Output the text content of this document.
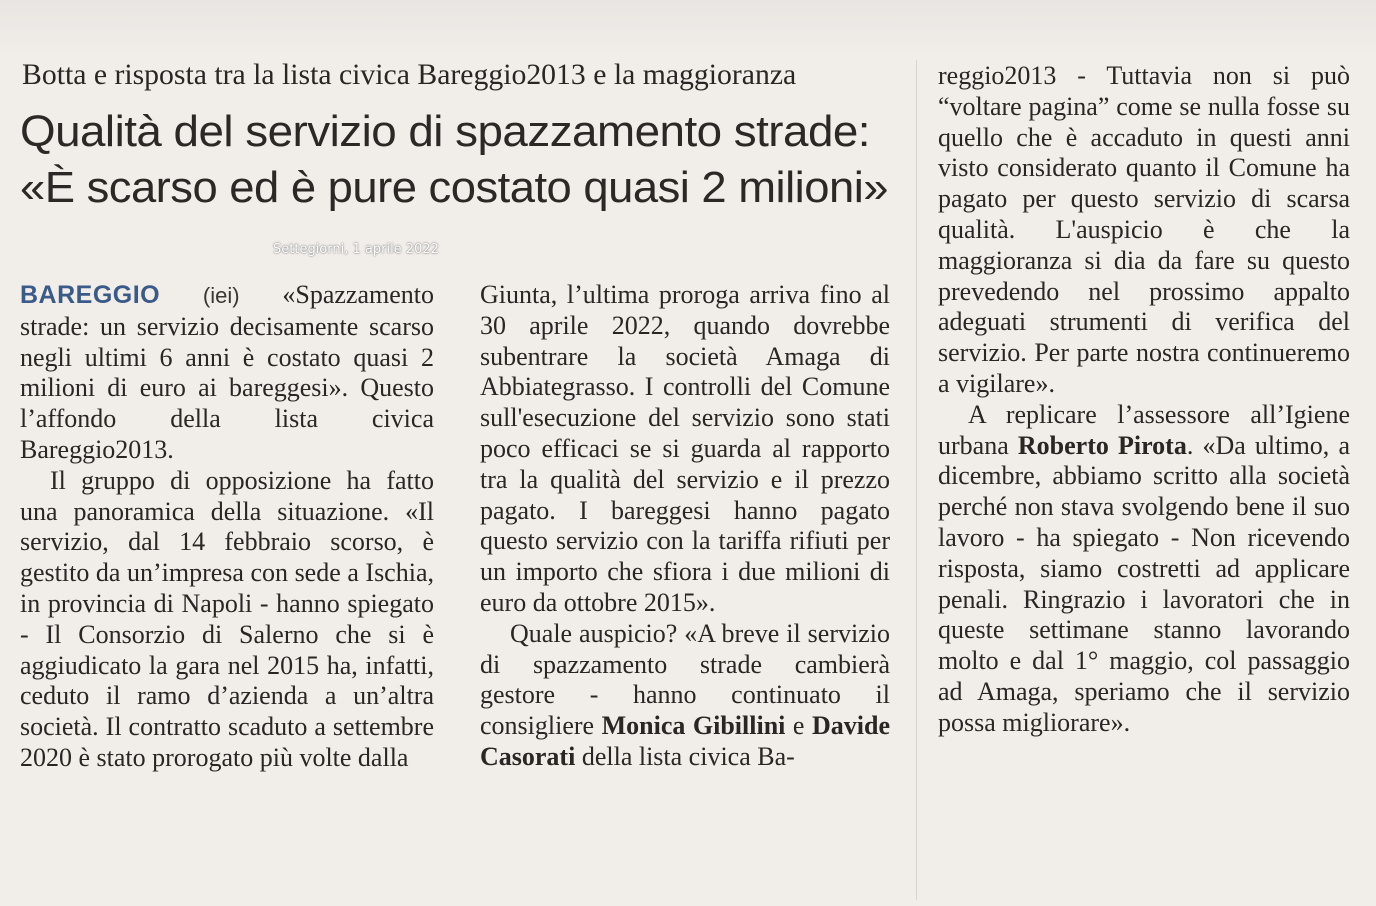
Botta e risposta tra la lista civica Bareggio2013 e la maggioranza
Qualità del servizio di spazzamento strade:
«È scarso ed è pure costato quasi 2 milioni»
Settegiorni, 1 aprile 2022

BAREGGIO (iei) «Spazzamento strade: un servizio decisamente scarso negli ultimi 6 anni è costato quasi 2 milioni di euro ai bareggesi». Questo l’affondo della lista civica Bareggio2013.

Il gruppo di opposizione ha fatto una panoramica della situazione. «Il servizio, dal 14 febbraio scorso, è gestito da un’impresa con sede a Ischia, in provincia di Napoli - hanno spiegato - Il Consorzio di Salerno che si è aggiudicato la gara nel 2015 ha, infatti, ceduto il ramo d’azienda a un’altra società. Il contratto scaduto a settembre 2020 è stato prorogato più volte dalla

Giunta, l’ultima proroga arriva fino al 30 aprile 2022, quando dovrebbe subentrare la società Amaga di Abbiategrasso. I controlli del Comune sull'esecuzione del servizio sono stati poco efficaci se si guarda al rapporto tra la qualità del servizio e il prezzo pagato. I bareggesi hanno pagato questo servizio con la tariffa rifiuti per un importo che sfiora i due milioni di euro da ottobre 2015».

Quale auspicio? «A breve il servizio di spazzamento strade cambierà gestore - hanno continuato il consigliere Monica Gibillini e Davide Casorati della lista civica Ba-

reggio2013 - Tuttavia non si può “voltare pagina” come se nulla fosse su quello che è accaduto in questi anni visto considerato quanto il Comune ha pagato per questo servizio di scarsa qualità. L'auspicio è che la maggioranza si dia da fare su questo prevedendo nel prossimo appalto adeguati strumenti di verifica del servizio. Per parte nostra continueremo a vigilare».

A replicare l’assessore all’Igiene urbana Roberto Pirota. «Da ultimo, a dicembre, abbiamo scritto alla società perché non stava svolgendo bene il suo lavoro - ha spiegato - Non ricevendo risposta, siamo costretti ad applicare penali. Ringrazio i lavoratori che in queste settimane stanno lavorando molto e dal 1° maggio, col passaggio ad Amaga, speriamo che il servizio possa migliorare».
